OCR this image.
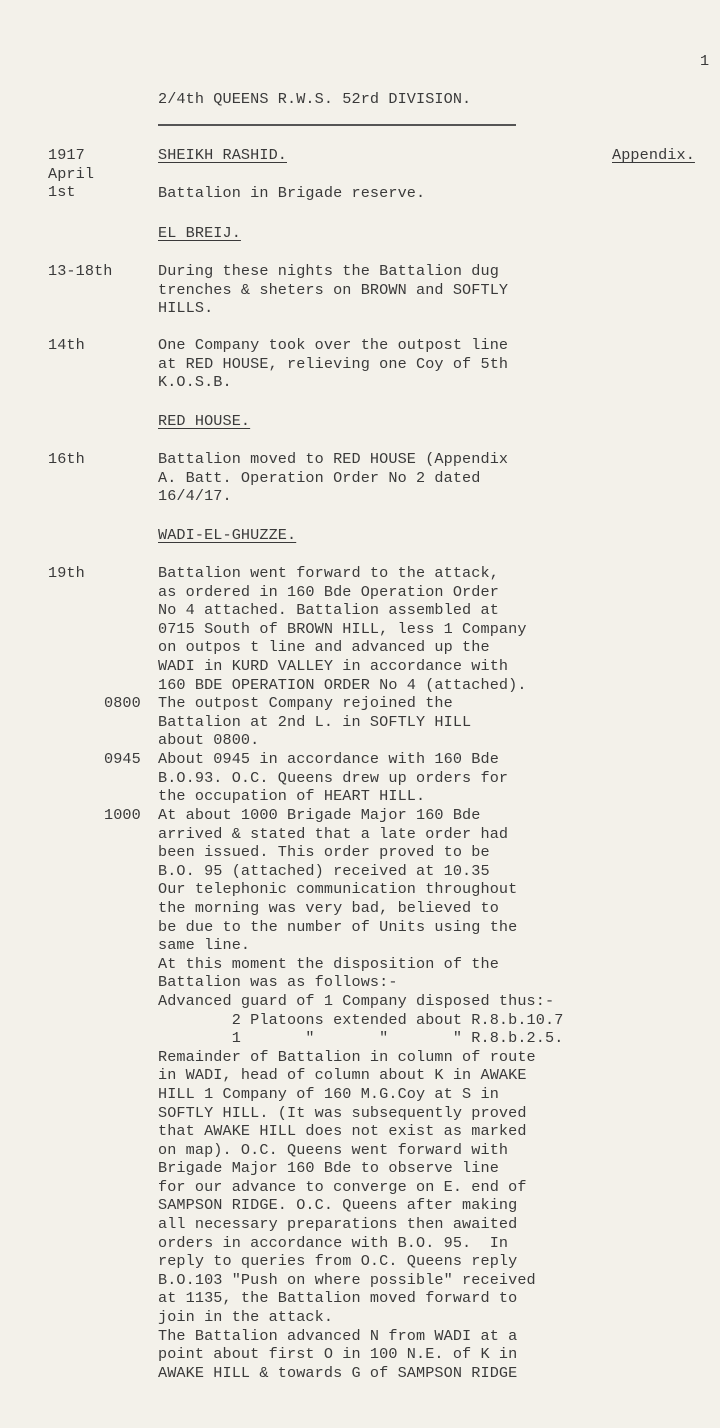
1
2/4th QUEENS R.W.S. 52rd DIVISION.
1917
April
1st
SHEIKH RASHID.	Appendix.
Battalion in Brigade reserve.
EL BREIJ.
13-18th	During these nights the Battalion dug
trenches & sheters on BROWN and SOFTLY
HILLS.
14th	One Company took over the outpost line
at RED HOUSE, relieving one Coy of 5th
K.O.S.B.
RED HOUSE.
16th	Battalion moved to RED HOUSE (Appendix
A. Batt. Operation Order No 2 dated
16/4/17.
WADI-EL-GHUZZE.
19th	Battalion went forward to the attack,
as ordered in 160 Bde Operation Order
No 4 attached. Battalion assembled at
0715 South of BROWN HILL, less 1 Company
on outpos t line and advanced up the
WADI in KURD VALLEY in accordance with
160 BDE OPERATION ORDER No 4 (attached).
0800 The outpost Company rejoined the
Battalion at 2nd L. in SOFTLY HILL
about 0800.
0945 About 0945 in accordance with 160 Bde
B.O.93. O.C. Queens drew up orders for
the occupation of HEART HILL.
1000 At about 1000 Brigade Major 160 Bde
arrived & stated that a late order had
been issued. This order proved to be
B.O. 95 (attached) received at 10.35
Our telephonic communication throughout
the morning was very bad, believed to
be due to the number of Units using the
same line.
At this moment the disposition of the
Battalion was as follows:-
Advanced guard of 1 Company disposed thus:-
2 Platoons extended about R.8.b.10.7
1       "       "       " R.8.b.2.5.
Remainder of Battalion in column of route
in WADI, head of column about K in AWAKE
HILL 1 Company of 160 M.G.Coy at S in
SOFTLY HILL. (It was subsequently proved
that AWAKE HILL does not exist as marked
on map). O.C. Queens went forward with
Brigade Major 160 Bde to observe line
for our advance to converge on E. end of
SAMPSON RIDGE. O.C. Queens after making
all necessary preparations then awaited
orders in accordance with B.O. 95.  In
reply to queries from O.C. Queens reply
B.O.103 "Push on where possible" received
at 1135, the Battalion moved forward to
join in the attack.
The Battalion advanced N from WADI at a
point about first O in 100 N.E. of K in
AWAKE HILL & towards G of SAMPSON RIDGE
